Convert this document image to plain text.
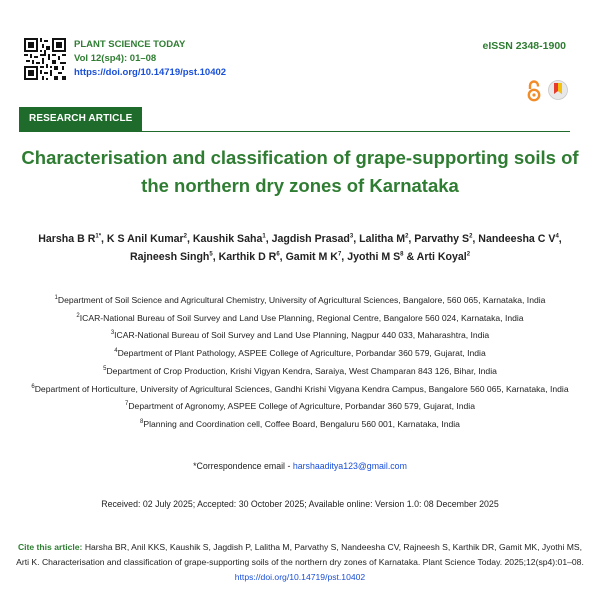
PLANT SCIENCE TODAY
Vol 12(sp4): 01–08
https://doi.org/10.14719/pst.10402
eISSN 2348-1900
RESEARCH ARTICLE
Characterisation and classification of grape-supporting soils of
the northern dry zones of Karnataka
Harsha B $R^{1*}$, K S Anil Kumar$^2$, Kaushik Saha$^1$, Jagdish Prasad$^3$, Lalitha $M^2$, Parvathy $S^2$, Nandeesha C $V^4$,
Rajneesh Singh$^5$, Karthik D $R^6$, Gamit M $K^7$, Jyothi M $S^8$ & Arti Koyal$^2$
$^1$Department of Soil Science and Agricultural Chemistry, University of Agricultural Sciences, Bangalore, 560 065, Karnataka, India
$^2$ICAR-National Bureau of Soil Survey and Land Use Planning, Regional Centre, Bangalore 560 024, Karnataka, India
$^3$ICAR-National Bureau of Soil Survey and Land Use Planning, Nagpur 440 033, Maharashtra, India
$^4$Department of Plant Pathology, ASPEE College of Agriculture, Porbandar 360 579, Gujarat, India
$^5$Department of Crop Production, Krishi Vigyan Kendra, Saraiya, West Champaran 843 126, Bihar, India
$^6$Department of Horticulture, University of Agricultural Sciences, Gandhi Krishi Vigyana Kendra Campus, Bangalore 560 065, Karnataka, India
$^7$Department of Agronomy, ASPEE College of Agriculture, Porbandar 360 579, Gujarat, India
$^8$Planning and Coordination cell, Coffee Board, Bengaluru 560 001, Karnataka, India
*Correspondence email - harshaaditya123@gmail.com
Received: 02 July 2025; Accepted: 30 October 2025; Available online: Version 1.0: 08 December 2025
Cite this article: Harsha BR, Anil KKS, Kaushik S, Jagdish P, Lalitha M, Parvathy S, Nandeesha CV, Rajneesh S, Karthik DR, Gamit MK, Jyothi MS, Arti K. Characterisation and classification of grape-supporting soils of the northern dry zones of Karnataka. Plant Science Today. 2025;12(sp4):01–08.
https://doi.org/10.14719/pst.10402
